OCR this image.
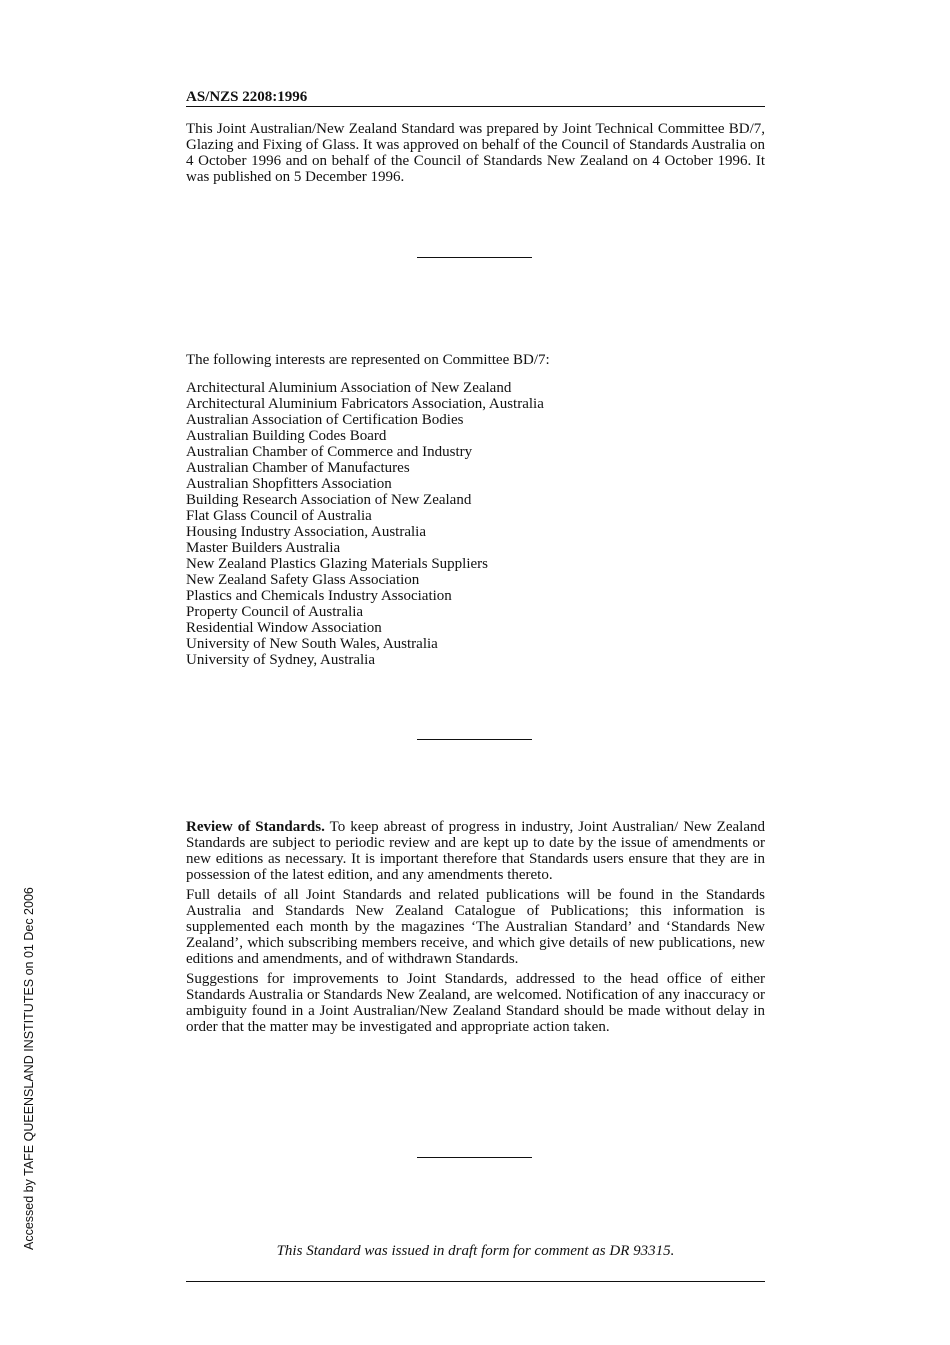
AS/NZS 2208:1996
This Joint Australian/New Zealand Standard was prepared by Joint Technical Committee BD/7, Glazing and Fixing of Glass. It was approved on behalf of the Council of Standards Australia on 4 October 1996 and on behalf of the Council of Standards New Zealand on 4 October 1996. It was published on 5 December 1996.
The following interests are represented on Committee BD/7:
Architectural Aluminium Association of New Zealand
Architectural Aluminium Fabricators Association, Australia
Australian Association of Certification Bodies
Australian Building Codes Board
Australian Chamber of Commerce and Industry
Australian Chamber of Manufactures
Australian Shopfitters Association
Building Research Association of New Zealand
Flat Glass Council of Australia
Housing Industry Association, Australia
Master Builders Australia
New Zealand Plastics Glazing Materials Suppliers
New Zealand Safety Glass Association
Plastics and Chemicals Industry Association
Property Council of Australia
Residential Window Association
University of New South Wales, Australia
University of Sydney, Australia

Review of Standards. To keep abreast of progress in industry, Joint Australian/ New Zealand Standards are subject to periodic review and are kept up to date by the issue of amendments or new editions as necessary. It is important therefore that Standards users ensure that they are in possession of the latest edition, and any amendments thereto.

Full details of all Joint Standards and related publications will be found in the Standards Australia and Standards New Zealand Catalogue of Publications; this information is supplemented each month by the magazines ‘The Australian Standard’ and ‘Standards New Zealand’, which subscribing members receive, and which give details of new publications, new editions and amendments, and of withdrawn Standards.

Suggestions for improvements to Joint Standards, addressed to the head office of either Standards Australia or Standards New Zealand, are welcomed. Notification of any inaccuracy or ambiguity found in a Joint Australian/New Zealand Standard should be made without delay in order that the matter may be investigated and appropriate action taken.

This Standard was issued in draft form for comment as DR 93315.
Accessed by TAFE QUEENSLAND INSTITUTES on 01 Dec 2006
